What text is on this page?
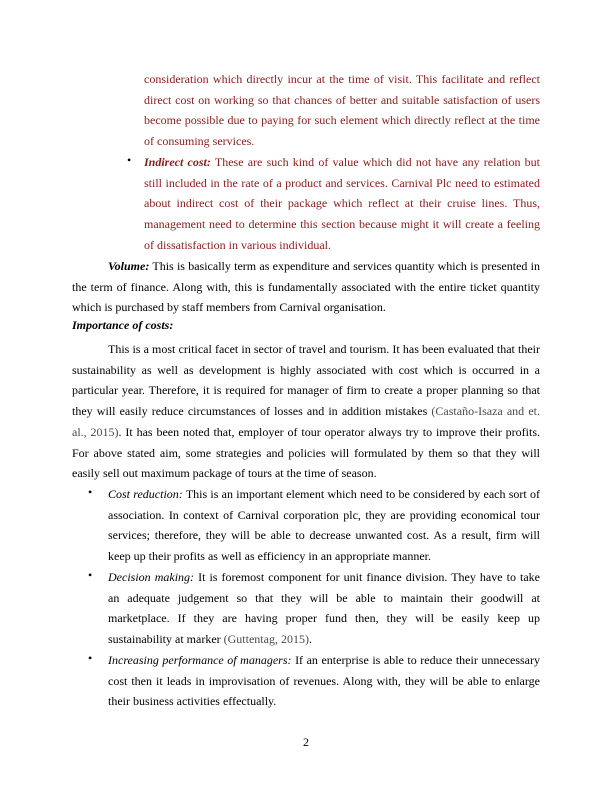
consideration which directly incur at the time of visit. This facilitate and reflect direct cost on working so that chances of better and suitable satisfaction of users become possible due to paying for such element which directly reflect at the time of consuming services.

• Indirect cost: These are such kind of value which did not have any relation but still included in the rate of a product and services. Carnival Plc need to estimated about indirect cost of their package which reflect at their cruise lines. Thus, management need to determine this section because might it will create a feeling of dissatisfaction in various individual.

Volume: This is basically term as expenditure and services quantity which is presented in the term of finance. Along with, this is fundamentally associated with the entire ticket quantity which is purchased by staff members from Carnival organisation.

Importance of costs:

This is a most critical facet in sector of travel and tourism. It has been evaluated that their sustainability as well as development is highly associated with cost which is occurred in a particular year. Therefore, it is required for manager of firm to create a proper planning so that they will easily reduce circumstances of losses and in addition mistakes (Castaño-Isaza and et. al., 2015). It has been noted that, employer of tour operator always try to improve their profits. For above stated aim, some strategies and policies will formulated by them so that they will easily sell out maximum package of tours at the time of season.

• Cost reduction: This is an important element which need to be considered by each sort of association. In context of Carnival corporation plc, they are providing economical tour services; therefore, they will be able to decrease unwanted cost. As a result, firm will keep up their profits as well as efficiency in an appropriate manner.

• Decision making: It is foremost component for unit finance division. They have to take an adequate judgement so that they will be able to maintain their goodwill at marketplace. If they are having proper fund then, they will be easily keep up sustainability at marker (Guttentag, 2015).

• Increasing performance of managers: If an enterprise is able to reduce their unnecessary cost then it leads in improvisation of revenues. Along with, they will be able to enlarge their business activities effectually.

2
